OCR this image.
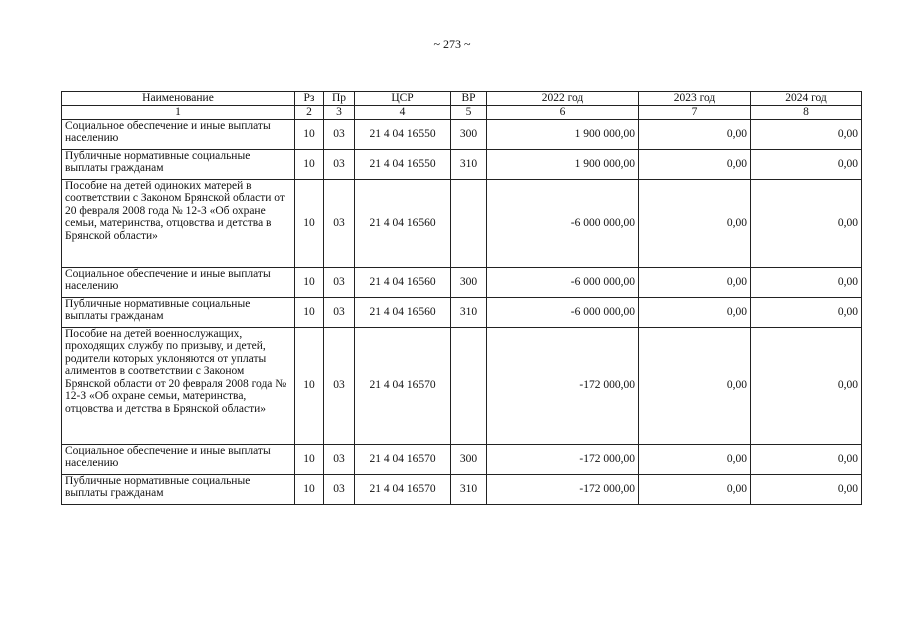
~ 273 ~
Наименование	Рз	Пр	ЦСР	ВР	2022 год	2023 год	2024 год
1	2	3	4	5	6	7	8
Социальное обеспечение и иные выплаты населению	10	03	21 4 04 16550	300	1 900 000,00	0,00	0,00
Публичные нормативные социальные выплаты гражданам	10	03	21 4 04 16550	310	1 900 000,00	0,00	0,00
Пособие на детей одиноких матерей в соответствии с Законом Брянской области от 20 февраля 2008 года № 12-З «Об охране семьи, материнства, отцовства и детства в Брянской области»	10	03	21 4 04 16560		-6 000 000,00	0,00	0,00
Социальное обеспечение и иные выплаты населению	10	03	21 4 04 16560	300	-6 000 000,00	0,00	0,00
Публичные нормативные социальные выплаты гражданам	10	03	21 4 04 16560	310	-6 000 000,00	0,00	0,00
Пособие на детей военнослужащих, проходящих службу по призыву, и детей, родители которых уклоняются от уплаты алиментов в соответствии с Законом Брянской области от 20 февраля 2008 года № 12-З «Об охране семьи, материнства, отцовства и детства в Брянской области»	10	03	21 4 04 16570		-172 000,00	0,00	0,00
Социальное обеспечение и иные выплаты населению	10	03	21 4 04 16570	300	-172 000,00	0,00	0,00
Публичные нормативные социальные выплаты гражданам	10	03	21 4 04 16570	310	-172 000,00	0,00	0,00
